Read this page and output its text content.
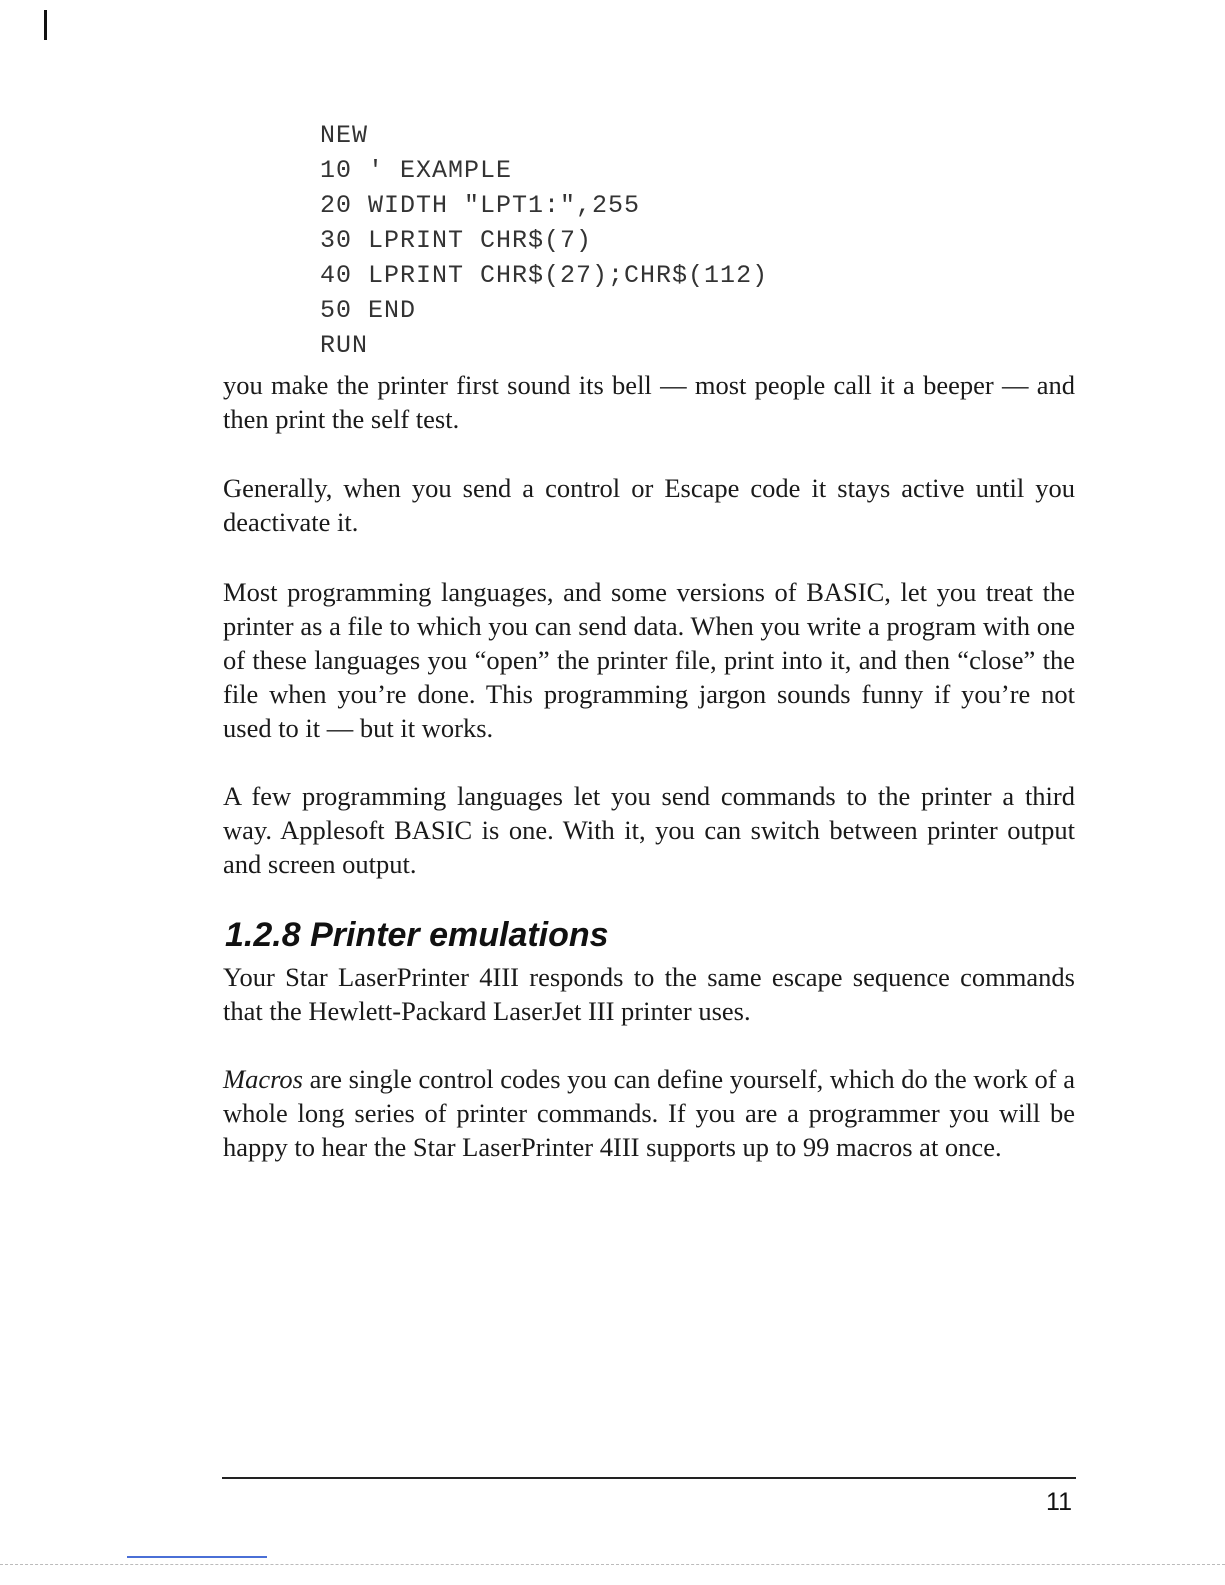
NEW
10 ' EXAMPLE
20 WIDTH "LPT1:",255
30 LPRINT CHR$(7)
40 LPRINT CHR$(27);CHR$(112)
50 END
RUN

you make the printer first sound its bell — most people call it a beeper — and then print the self test.

Generally, when you send a control or Escape code it stays active until you deactivate it.

Most programming languages, and some versions of BASIC, let you treat the printer as a file to which you can send data. When you write a program with one of these languages you “open” the printer file, print into it, and then “close” the file when you’re done. This programming jargon sounds funny if you’re not used to it — but it works.

A few programming languages let you send commands to the printer a third way. Applesoft BASIC is one. With it, you can switch between printer output and screen output.

1.2.8 Printer emulations

Your Star LaserPrinter 4III responds to the same escape sequence commands that the Hewlett-Packard LaserJet III printer uses.

Macros are single control codes you can define yourself, which do the work of a whole long series of printer commands. If you are a programmer you will be happy to hear the Star LaserPrinter 4III supports up to 99 macros at once.

11
